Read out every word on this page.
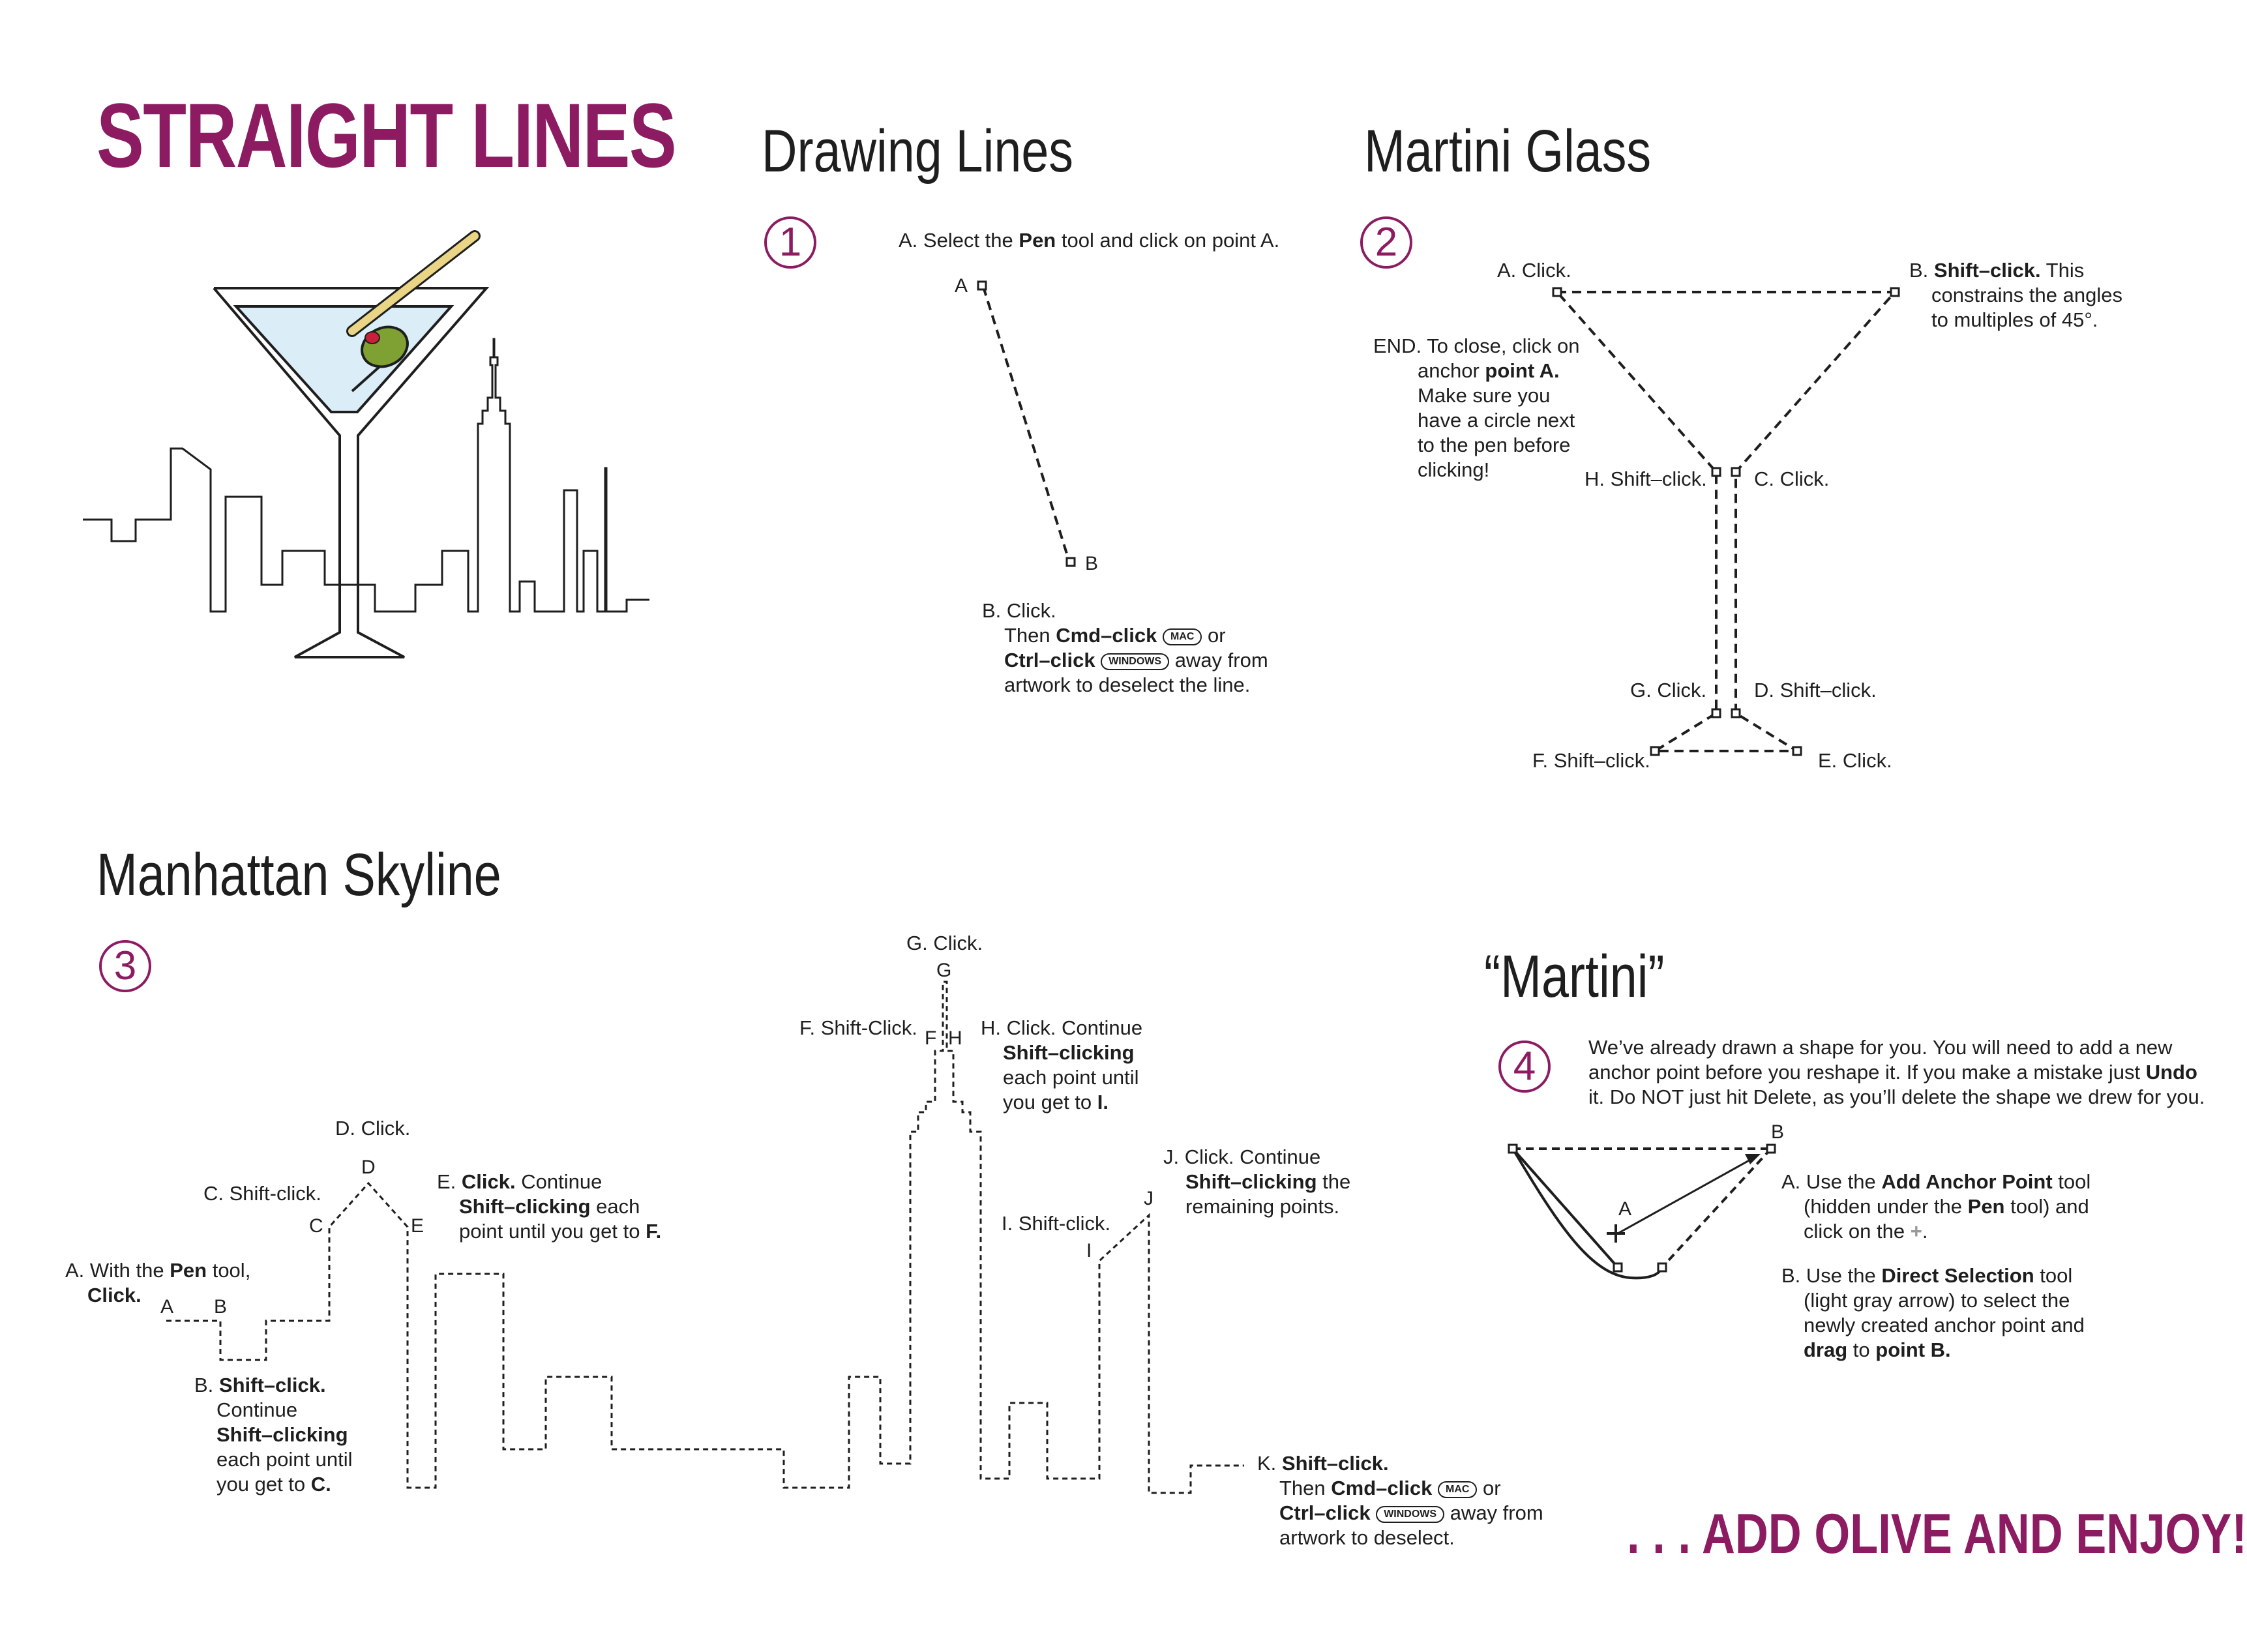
STRAIGHT LINES Drawing Lines
1	A. Select the Pen tool and click on point A.
A
B
B. Click.
Then Cmd–click MAC or
Ctrl–click WINDOWS away from
artwork to deselect the line.
Martini Glass
2
A. Click.	B. Shift–click. This
constrains the angles
to multiples of 45°.
END. To close, click on
anchor point A.
Make sure you
have a circle next
to the pen before
clicking!	H. Shift–click. C. Click.
G. Click. D. Shift–click.
F. Shift–click.	E. Click.
Manhattan Skyline
3
A. With the Pen tool,
Click.
B. Shift–click.
Continue
Shift–clicking
each point until
you get to C.
C. Shift-click.
D. Click.
E. Click. Continue
Shift–clicking each
point until you get to F.
F. Shift-Click.
G. Click.
H. Click. Continue
Shift–clicking
each point until
you get to I.
I. Shift-click.
J. Click. Continue
Shift–clicking the
remaining points.
K. Shift–click.
Then Cmd–click MAC or
Ctrl–click WINDOWS away from
artwork to deselect.
A B
C
D
E
F
G
H
I
J
“Martini”
4	We’ve already drawn a shape for you. You will need to add a new
anchor point before you reshape it. If you make a mistake just Undo
it. Do NOT just hit Delete, as you’ll delete the shape we drew for you.
A
B
A. Use the Add Anchor Point tool
(hidden under the Pen tool) and
click on the +.
B. Use the Direct Selection tool
(light gray arrow) to select the
newly created anchor point and
drag to point B.
. . . ADD OLIVE AND ENJOY!
